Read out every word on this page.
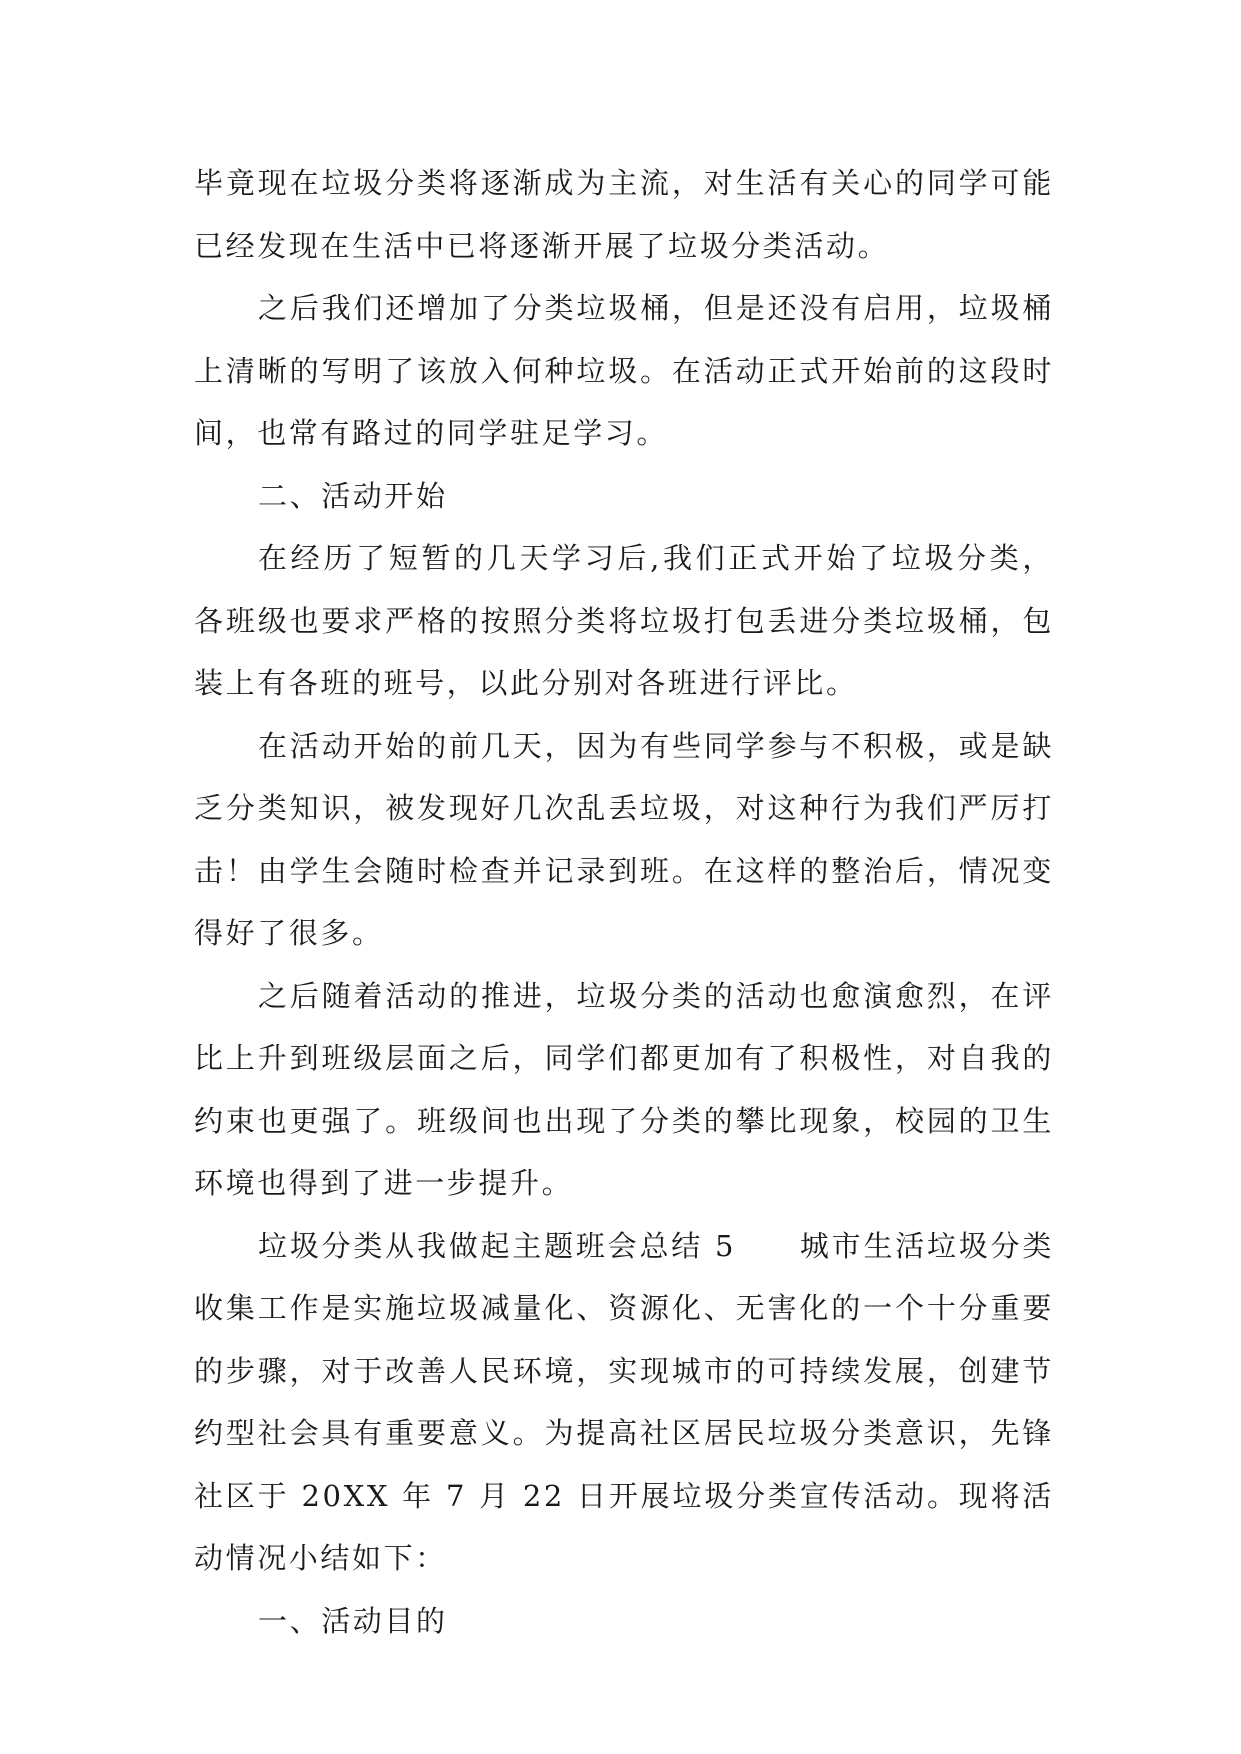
毕竟现在垃圾分类将逐渐成为主流，对生活有关心的同学可能已经发现在生活中已将逐渐开展了垃圾分类活动。

之后我们还增加了分类垃圾桶，但是还没有启用，垃圾桶上清晰的写明了该放入何种垃圾。在活动正式开始前的这段时间，也常有路过的同学驻足学习。

二、活动开始

在经历了短暂的几天学习后,我们正式开始了垃圾分类，各班级也要求严格的按照分类将垃圾打包丢进分类垃圾桶，包装上有各班的班号，以此分别对各班进行评比。

在活动开始的前几天，因为有些同学参与不积极，或是缺乏分类知识，被发现好几次乱丢垃圾，对这种行为我们严厉打击！由学生会随时检查并记录到班。在这样的整治后，情况变得好了很多。

之后随着活动的推进，垃圾分类的活动也愈演愈烈，在评比上升到班级层面之后，同学们都更加有了积极性，对自我的约束也更强了。班级间也出现了分类的攀比现象，校园的卫生环境也得到了进一步提升。

垃圾分类从我做起主题班会总结 5　　城市生活垃圾分类收集工作是实施垃圾减量化、资源化、无害化的一个十分重要的步骤，对于改善人民环境，实现城市的可持续发展，创建节约型社会具有重要意义。为提高社区居民垃圾分类意识，先锋社区于 20XX 年 7 月 22 日开展垃圾分类宣传活动。现将活动情况小结如下：

一、活动目的
